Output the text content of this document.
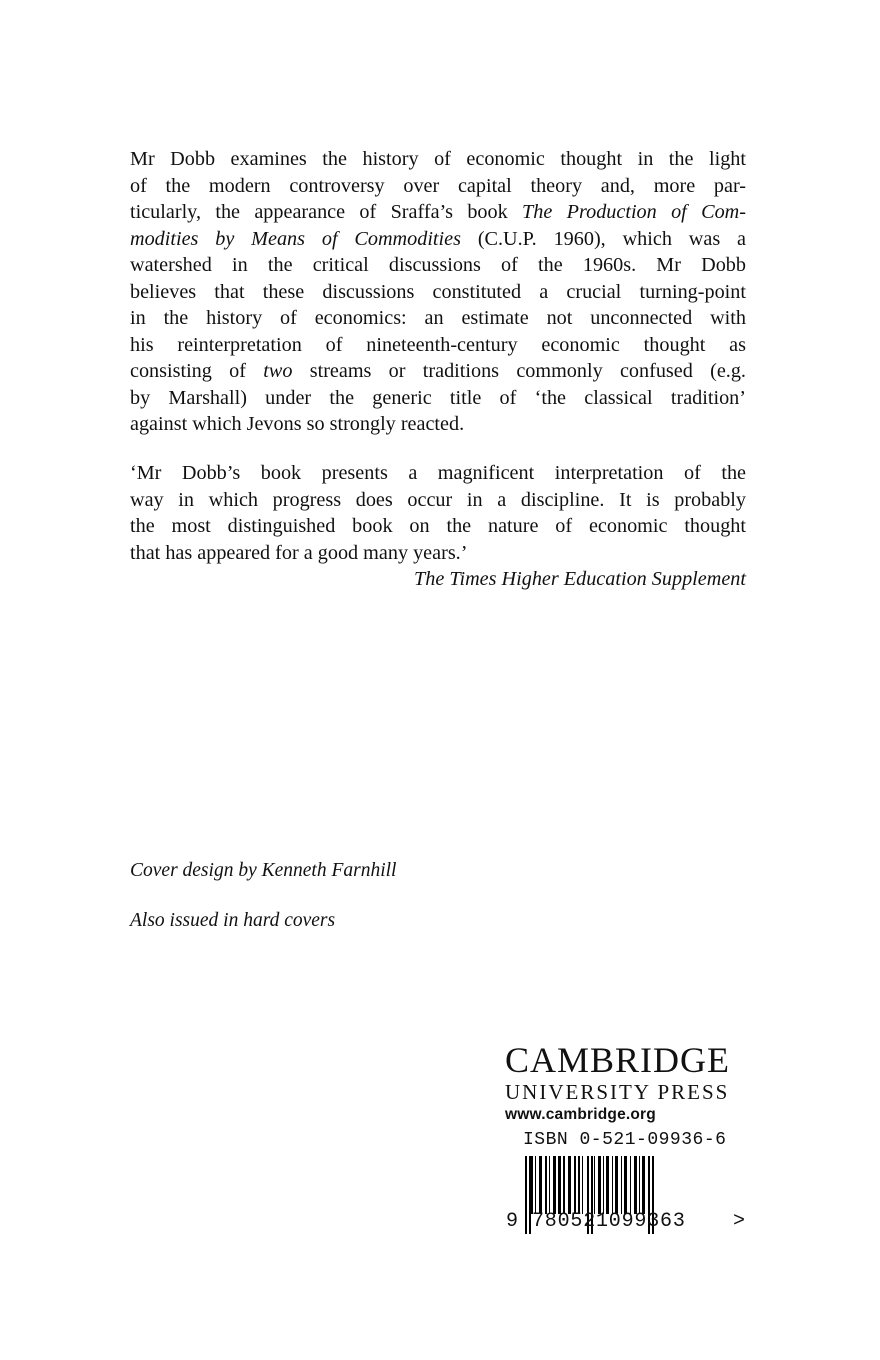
Mr Dobb examines the history of economic thought in the light
of the modern controversy over capital theory and, more par-
ticularly, the appearance of Sraffa’s book The Production of Com-
modities by Means of Commodities (C.U.P. 1960), which was a
watershed in the critical discussions of the 1960s. Mr Dobb
believes that these discussions constituted a crucial turning-point
in the history of economics: an estimate not unconnected with
his reinterpretation of nineteenth-century economic thought as
consisting of two streams or traditions commonly confused (e.g.
by Marshall) under the generic title of ‘the classical tradition’
against which Jevons so strongly reacted.
‘Mr Dobb’s book presents a magnificent interpretation of the
way in which progress does occur in a discipline. It is probably
the most distinguished book on the nature of economic thought
that has appeared for a good many years.’
The Times Higher Education Supplement
Cover design by Kenneth Farnhill
Also issued in hard covers
CAMBRIDGE
UNIVERSITY PRESS
www.cambridge.org
ISBN 0-521-09936-6
9 780521099363 >
